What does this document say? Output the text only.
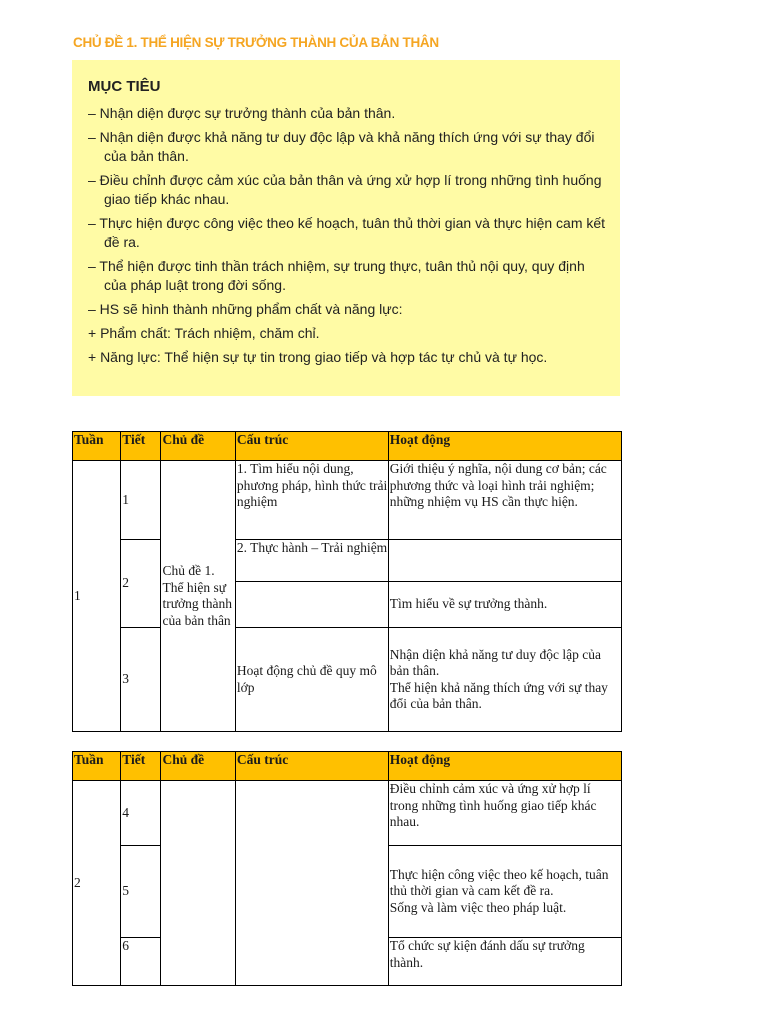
CHỦ ĐỀ 1. THỂ HIỆN SỰ TRƯỞNG THÀNH CỦA BẢN THÂN
MỤC TIÊU
– Nhận diện được sự trưởng thành của bản thân.
– Nhận diện được khả năng tư duy độc lập và khả năng thích ứng với sự thay đổi của bản thân.
– Điều chỉnh được cảm xúc của bản thân và ứng xử hợp lí trong những tình huống giao tiếp khác nhau.
– Thực hiện được công việc theo kế hoạch, tuân thủ thời gian và thực hiện cam kết đề ra.
– Thể hiện được tinh thần trách nhiệm, sự trung thực, tuân thủ nội quy, quy định của pháp luật trong đời sống.
– HS sẽ hình thành những phẩm chất và năng lực:
+ Phẩm chất: Trách nhiệm, chăm chỉ.
+ Năng lực: Thể hiện sự tự tin trong giao tiếp và hợp tác tự chủ và tự học.
Tuần	Tiết	Chủ đề	Cấu trúc	Hoạt động
1	1	Chủ đề 1. Thể hiện sự trưởng thành của bản thân	1. Tìm hiểu nội dung, phương pháp, hình thức trải nghiệm	Giới thiệu ý nghĩa, nội dung cơ bản; các phương thức và loại hình trải nghiệm; những nhiệm vụ HS cần thực hiện.
	2		2. Thực hành – Trải nghiệm	
				Tìm hiểu về sự trưởng thành.
	3		Hoạt động chủ đề quy mô lớp	Nhận diện khả năng tư duy độc lập của bản thân.
Thể hiện khả năng thích ứng với sự thay đổi của bản thân.
Tuần	Tiết	Chủ đề	Cấu trúc	Hoạt động
2	4			Điều chỉnh cảm xúc và ứng xử hợp lí trong những tình huống giao tiếp khác nhau.
	5			Thực hiện công việc theo kế hoạch, tuân thủ thời gian và cam kết đề ra.
Sống và làm việc theo pháp luật.

	6			Tổ chức sự kiện đánh dấu sự trưởng thành.
